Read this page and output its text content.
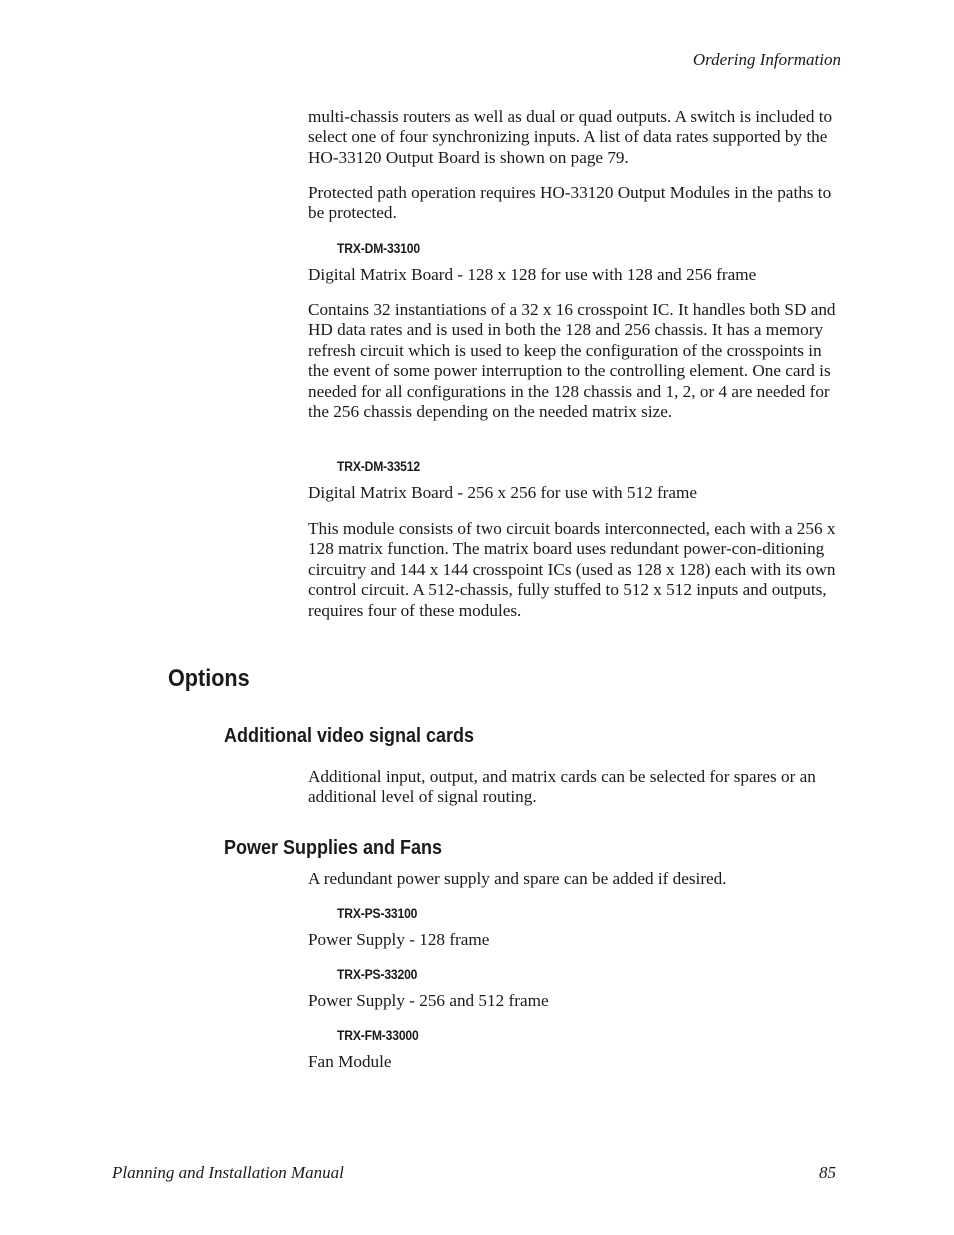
Ordering Information

multi-chassis routers as well as dual or quad outputs. A switch is included to select one of four synchronizing inputs. A list of data rates supported by the HO-33120 Output Board is shown on page 79.

Protected path operation requires HO-33120 Output Modules in the paths to be protected.

TRX-DM-33100

Digital Matrix Board - 128 x 128 for use with 128 and 256 frame

Contains 32 instantiations of a 32 x 16 crosspoint IC. It handles both SD and HD data rates and is used in both the 128 and 256 chassis. It has a memory refresh circuit which is used to keep the configuration of the crosspoints in the event of some power interruption to the controlling element. One card is needed for all configurations in the 128 chassis and 1, 2, or 4 are needed for the 256 chassis depending on the needed matrix size.

TRX-DM-33512

Digital Matrix Board - 256 x 256 for use with 512 frame

This module consists of two circuit boards interconnected, each with a 256 x 128 matrix function. The matrix board uses redundant power-con-ditioning circuitry and 144 x 144 crosspoint ICs (used as 128 x 128) each with its own control circuit. A 512-chassis, fully stuffed to 512 x 512 inputs and outputs, requires four of these modules.

Options
Additional video signal cards

Additional input, output, and matrix cards can be selected for spares or an additional level of signal routing.

Power Supplies and Fans

A redundant power supply and spare can be added if desired.

TRX-PS-33100
Power Supply - 128 frame
TRX-PS-33200
Power Supply - 256 and 512 frame
TRX-FM-33000
Fan Module
Planning and Installation Manual	85
